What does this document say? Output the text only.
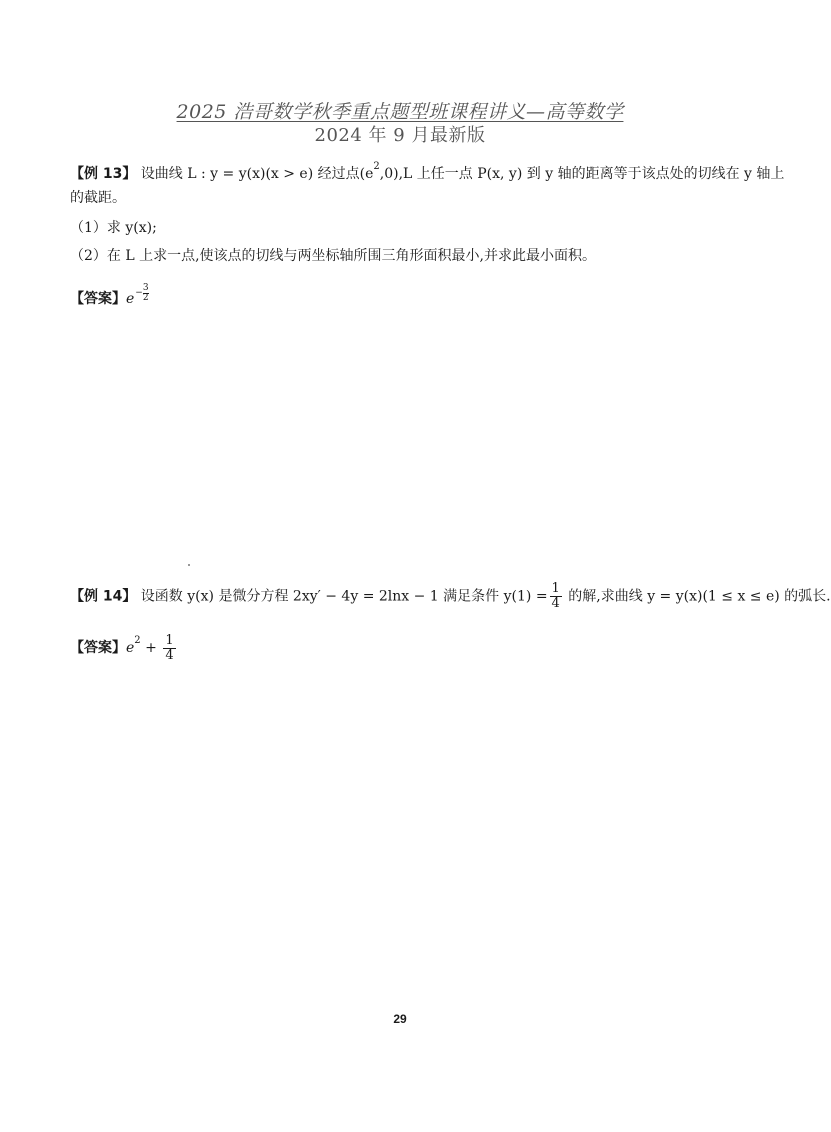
2025 浩哥数学秋季重点题型班课程讲义—高等数学
2024 年 9 月最新版
【例 13】 设曲线 L : y = y(x)(x > e) 经过点$(e^2,0),L$ 上任一点 P(x, y) 到 y 轴的距离等于该点处的切线在 y 轴上
的截距。
（1）求 y(x);
（2）在 L 上求一点,使该点的切线与两坐标轴所围三角形面积最小,并求此最小面积。
【答案】$e- \frac{3}{2}$
【例 14】 设函数 y(x) 是微分方程 2xy′ − 4y = 2lnx − 1 满足条件 $y(1) = \frac{1}{4}$ 的解,求曲线 y = y(x)(1 ≤ x ≤ e) 的弧长.
【答案】$e^2 + \frac{1}{4}$
29
